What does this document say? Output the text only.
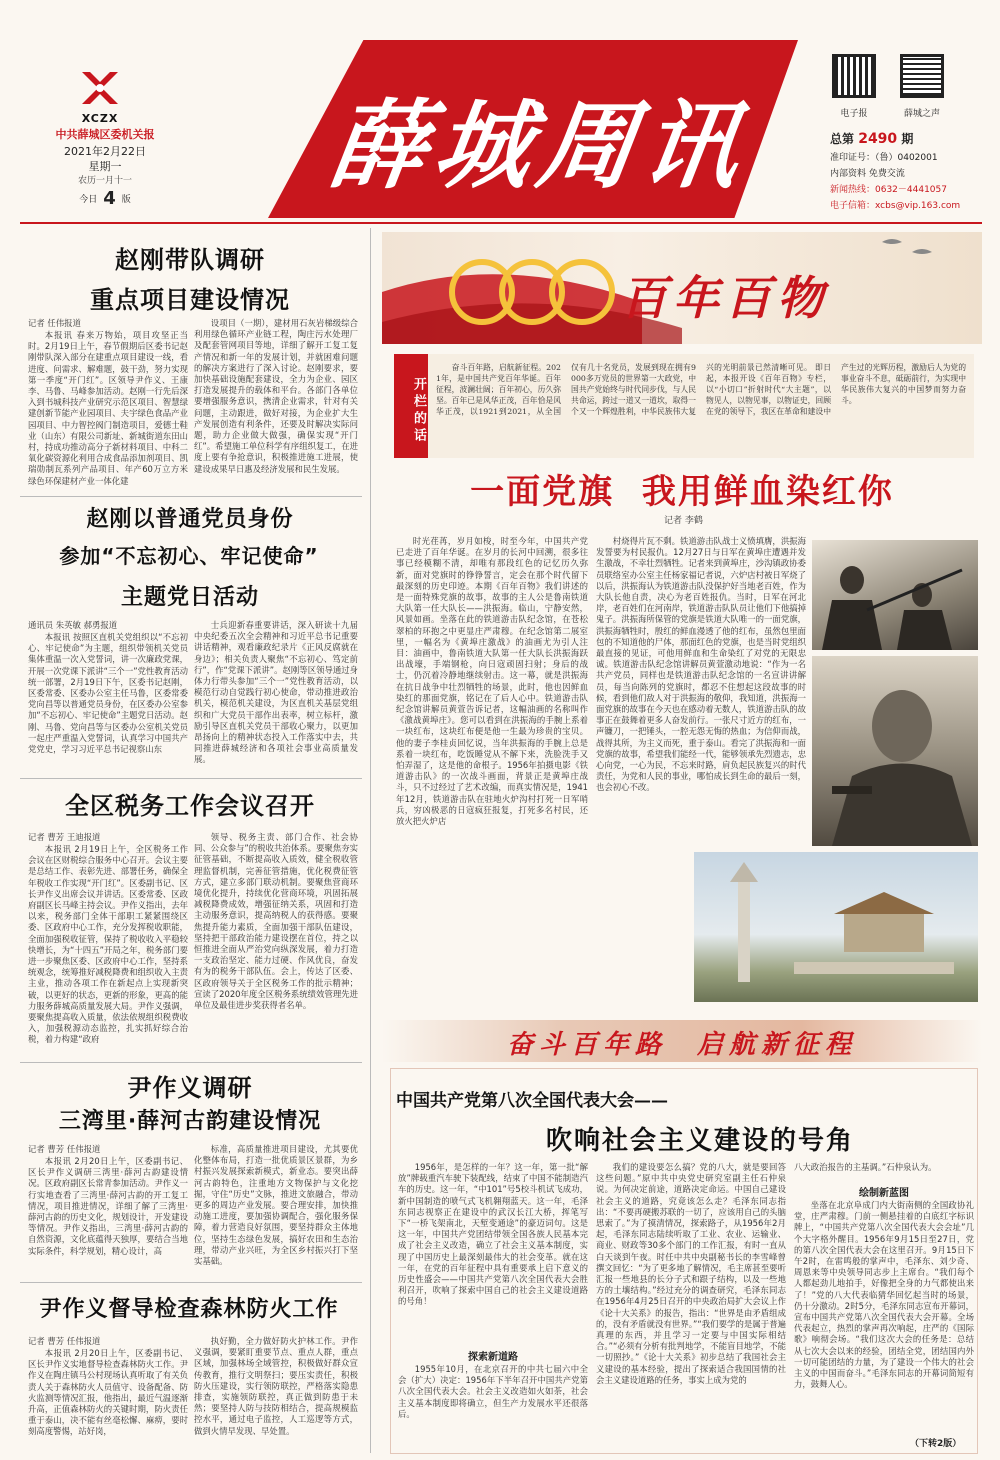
XCZX
中共薛城区委机关报
2021年2月22日
星期一
农历一月十一
今日 4 版 薛城周讯	电子报	薛城之声
总第 2490 期
准印证号：（鲁）0402001
内部资料 免费交流
新闻热线：0632－4441057
电子信箱：xcbs@vip.163.com
赵刚带队调研
重点项目建设情况
记者 任伟报道

本报讯 春来万物始，项目攻坚正当时。2月19日上午，春节假期后区委书记赵刚带队深入部分在建重点项目建设一线，看进度、问需求、解难题，鼓干劲，努力实现第一季度“开门红”。区领导尹作义、王康李、马鲁、马峰参加活动。赵刚一行先后深入到书城科技产业研究示范区项目、智慧绿建创新节能产业园项目、夫宇绿色食品产业园项目、中力智控阀门制造项目，爱德士鞋业（山东）有限公司新址、新城街道东田山村，持成功推动高分子新材料项目、中科二氧化碳资源化利用合成食品添加剂项目、凯瑞勋制瓦系列产品项目、年产60万立方米绿色环保建材产业一体化建

设项目（一期），建材用石灰岩梯级综合利用绿色循环产业链工程，陶庄污水处理厂及配套管网项目等地，详细了解开工复工复产情况和新一年的发展计划，并就困难问题的解决方案进行了深入讨论。赵刚要求，要加快基础设施配套建设，全力为企业、园区打造发展提升的载体和平台。各部门各单位要增强服务意识，携清企业需求，针对有关问题，主动跟进，做好对接，为企业扩大生产发展创造有利条件，还要及时解决实际问题，助力企业做大做强，确保实现“开门红”。希望施工单位科学有序组织复工，在进度上要有争抢意识，积极推进施工进展，使建设成果早日惠及经济发展和民生发展。

赵刚以普通党员身份
参加“不忘初心、牢记使命”
主题党日活动
通讯员 朱英敏 郝勇报道

本报讯 按照区直机关党组织以“不忘初心、牢记使命”为主题，组织带领机关党员集体重温一次入党誓词，讲一次廉政党课，开展一次党课下派讲“三个一”党性教育活动统一部署，2月19日下午，区委书记赵刚，区委常委、区委办公室主任马鲁，区委常委党向昌等以普通党员身份，在区委办公室参加“不忘初心、牢记使命”主题党日活动。赵刚、马鲁、党向昌等与区委办公室机关党员一起庄严重温入党誓词，认真学习中国共产党党史，学习习近平总书记视察山东

士兵迎新春重要讲话，深入研读十九届中央纪委五次全会精神和习近平总书记重要讲话精神，观看廉政纪录片《正风反腐就在身边》；相关负责人聚焦“不忘初心、笃定前行”，作“党课下派讲”。赵刚等区领导通过身体力行带头参加“三个一”党性教育活动，以模范行动自觉践行初心使命，带动推进政治机关，模范机关建设，为区直机关基层党组织和广大党员干部作出表率，树立标杆，激励引导区直机关党员干部收心聚力，以更加昂扬向上的精神状态投入工作落实中去，共同推进薛城经济和各项社会事业高质量发展。

全区税务工作会议召开
记者 曹芳 王迪报道

本报讯 2月19日上午，全区税务工作会议在区财税综合服务中心召开。会议主要是总结工作、表彰先进、部署任务，确保全年税收工作实现“开门红”。区委副书记、区长尹作义出席会议并讲话。区委常委、区政府副区长马峰主持会议。尹作义指出，去年以来，税务部门全体干部职工紧紧围绕区委、区政府中心工作，充分发挥税收职能，全面加强税收征管，保持了税收收入平稳较快增长，为“十四五”开局之年，税务部门要进一步聚焦区委、区政府中心工作，坚持系统观念，统筹推好减税降费和组织收入主责主业，推动各项工作在新起点上实现新突破，以更好的状态，更新的形象，更高的能力服务薛城高质量发展大局。尹作义强调，要聚焦提高收入质量，依法依规组织税费收入，加强税源动态监控，扎实抓好综合治税，着力构建“政府

领导、税务主责、部门合作、社会协同、公众参与”的税收共治体系。要聚焦夯实征管基础，不断提高收入质效，健全税收管理监督机制，完善征管措施，优化税费征管方式，建立多部门联动机制。要聚焦营商环境优化提升，持续优化营商环境，巩固拓展减税降费成效，增强征纳关系，巩固和打造主动服务意识，提高纳税人的获得感。要聚焦提升能力素质，全面加强干部队伍建设，坚持把干部政治能力建设摆在首位，持之以恒推进全面从严治党向纵深发展，着力打造一支政治坚定、能力过硬、作风优良，奋发有为的税务干部队伍。会上，传达了区委、区政府领导关于全区税务工作的批示精神；宣读了2020年度全区税务系统绩效管理先进单位及最佳进步奖获得者名单。

尹作义调研
三湾里·薛河古韵建设情况
记者 曹芳 任伟报道

本报讯 2月20日上午，区委副书记、区长尹作义调研三湾里·薛河古韵建设情况。区政府副区长常青参加活动。尹作义一行实地查看了三湾里·薛河古韵的开工复工情况，项目推进情况，详细了解了三湾里·薛河古韵的历史文化，规划设计，开发建设等情况。尹作义指出，三湾里·薛河古韵的自然资源，文化底蕴得天独厚，要结合当地实际条件，科学规划，精心设计，高

标准，高质量推进项目建设，尤其要优化整体布局，打造一批优质景区景群，为乡村振兴发展探索新模式，新业态。要突出薛河古韵特色，注重地方文物保护与文化挖掘，守住“历史”文脉，推进文旅融合，带动更多的周边产业发展。要合理安排，加快推动施工进度，要加强协调配合，强化服务保障，着力营造良好氛围，要坚持群众主体地位，坚持生态绿色发展，搞好农田和生态治理，带动产业兴旺，为全区乡村振兴打下坚实基础。

尹作义督导检查森林防火工作
记者 曹芳 任伟报道

本报讯 2月20日上午，区委副书记、区长尹作义实地督导检查森林防火工作。尹作义在陶庄镇马公村现场认真听取了有关负责人关于森林防火人员值守、设备配备、防火监测等情况汇报，他指出，最近气温逐渐升高，正值森林防火的关键时期，防火责任重于泰山，决不能有丝毫松懈、麻痹，要时刻高度警惕，站好岗，

执好勤，全力做好防火护林工作。尹作义强调，要紧盯重要节点、重点人群，重点区域，加强林场全域管控，积极做好群众宣传教育，推行文明祭扫；要压实责任，积极防火压建设，实行领防联控，严格落实隐患排查，实施领防联控，真正做到防患于未然；要坚持人防与技防相结合，提高规模监控水平，通过电子监控，人工巡逻等方式，做到火情早发现、早处置。

百年百物
开栏的话

奋斗百年路，启航新征程。2021年，是中国共产党百年华诞。百年征程，波澜壮阔；百年初心，历久弥坚。百年已是风华正茂，百年恰是风华正茂，以1921到2021，从全国仅有几十名党员，发展到现在拥有9000多万党员的世界第一大政党，中国共产党始终与时代同步伐，与人民共命运，跨过一道又一道坎，取得一个又一个辉煌胜利，中华民族伟大复兴的光明前景已然清晰可见。 即日起，本报开设《百年百物》专栏，以“小切口”折射时代“大主题”，以物见人，以物见事，以物证史，回顾在党的领导下，我区在革命和建设中产生过的光辉历程，激励后人为党的事业奋斗不息，砥砺前行，为实现中华民族伟大复兴的中国梦而努力奋斗。

一面党旗  我用鲜血染红你
记者 李鹤

时光荏苒，岁月如梭，时至今年，中国共产党已走进了百年华诞。在岁月的长河中回溯，很多往事已经模糊不清，却唯有那段红色的记忆历久弥新，面对党旗时的铮铮誓言，定会在那个时代留下最深刻的历史印迹。本期《百年百物》我们讲述的是一面特殊党旗的故事，故事的主人公是鲁南铁道大队第一任大队长——洪振海。临山，宁静安然，风景如画。坐落在此的铁道游击队纪念馆，在苍松翠柏的环抱之中更显庄严肃穆。在纪念馆第二展室里，一幅名为《黄埠庄激战》的油画尤为引人注目：油画中，鲁南铁道大队第一任大队长洪振海跃出战壕，手端钢枪，向日寇顽固扫射；身后的战士，仍沉着冷静地继续射击。这一幕，就是洪振海在抗日战争中壮烈牺牲的场景，此时，他也因鲜血染红的那面党旗，铭记在了后人心中。铁道游击队纪念馆讲解员黄萱告诉记者，这幅油画的名称叫作《激战黄埠庄》。您可以看到在洪振海的手腕上系着一块红布，这块红布便是他一生最为珍贵的宝贝。他的妻子李桂贞回忆说，当年洪振海的手腕上总是系着一块红布，吃饭睡觉从不解下来，洗脸洗手又怕弄湿了，这是他的命根子。1956年拍摄电影《铁道游击队》的一次战斗画面，背景正是黄埠庄战斗，只不过经过了艺术改编，而真实情况是，1941年12月，铁道游击队在驻地火炉沟村打死一日军哨兵，穷凶极恶的日寇疯狂报复，打死多名村民，还放火把火炉店

村烧得片瓦不剩。铁道游击队战士义愤填膺，洪振海发誓要为村民报仇。12月27日与日军在黄埠庄遭遇并发生激战，不幸壮烈牺牲。记者来到黄埠庄，沙沟镇政协委员联络室办公室主任杨家福记者说，六炉店村被日军烧了以后，洪振海认为铁道游击队没保护好当地老百姓，作为大队长他自责，决心为老百姓报仇。当时，日军在河北岸，老百姓们在河南岸，铁道游击队队员让他们下他搞掉鬼子。洪振海所保管的党旗是铁道大队唯一的一面党旗，洪振海牺牲时，殷红的鲜血漫透了他的红布，虽然包里面包的不知道他的尸体，那面红色的党旗，也是当时党组织最直接的见证，可他用鲜血和生命染红了对党的无限忠诚。铁道游击队纪念馆讲解员黄萱激动地说：“作为一名共产党员，同样也是铁道游击队纪念馆的一名宣讲讲解员，每当向陈列的党旗时，都忍不住想起这段故事的时候，看到他们敌人对于洪振海的敬仰，我知道，洪振海一面党旗的故事在今天也在感动着无数人，铁道游击队的故事正在鼓舞着更多人奋发前行。一张尺寸近方的红布，一声镰刀，一把锤头，一腔无怨无悔的热血；为信仰而战，战得其所，为主义而死，重于泰山。看完了洪振海和一面党旗的故事，希望我们能经一代，能够领承先烈遗志，忠心向党，一心为民，不忘来时路，肩负起民族复兴的时代责任，为党和人民的事业，哪怕成长到生命的最后一刻，也会初心不改。

奋斗百年路  启航新征程
中国共产党第八次全国代表大会——
吹响社会主义建设的号角

1956年，是怎样的一年？这一年，第一批“解放”牌载重汽车驶下装配线，结束了中国不能制造汽车的历史。这一年，“中101”号5校斗机试飞成功，新中国制造的喷气式飞机翱翔蓝天。这一年，毛泽东同志视察正在建设中的武汉长江大桥，挥笔写下“一桥飞架南北，天堑变通途”的豪迈词句。这是这一年，中国共产党团结带领全国各族人民基本完成了社会主义改造，确立了社会主义基本制度，实现了中国历史上最深刻最伟大的社会变革。就在这一年，在党的百年征程中具有重要承上启下意义的历史性盛会——中国共产党第八次全国代表大会胜利召开，吹响了探索中国自己的社会主义建设道路的号角！

探索新道路

1955年10月，在北京召开的中共七届六中全会（扩大）决定：1956年下半年召开中国共产党第八次全国代表大会。社会主义改造如火如荼，社会主义基本制度即将确立，但生产力发展水平还很落后。

我们的建设要怎么搞？党的八大，就是要回答这些问题。”原中共中央党史研究室副主任石仲泉说。为何决定前途，道路决定命运。中国自己建设社会主义的道路，究竟该怎么走？毛泽东同志指出：“不要再硬搬苏联的一切了，应该用自己的头脑思索了。”为了摸清情况，探索路子，从1956年2月起，毛泽东同志陆续听取了工业、农业、运输业、商业、财政等30多个部门的工作汇报，有时一直从白天谈到午夜。时任中共中央副秘书长的李雪峰曾撰文回忆：“为了更多地了解情况，毛主席甚至要听汇报一些地县的长分子式和跟子结构，以及一些地方的土壤结构。”经过充分的调查研究，毛泽东同志在1956年4月25日召开的中央政治局扩大会议上作《论十大关系》的报告，指出：“世界是由矛盾组成的，没有矛盾就没有世界。”“我们要学的是属于普遍真理的东西，并且学习一定要与中国实际相结合。”“必须有分析有批判地学，不能盲目地学，不能一切照抄。”《论十大关系》初步总结了我国社会主义建设的基本经验，提出了探索适合我国国情的社会主义建设道路的任务，事实上成为党的

八大政治报告的主基调。”石仲泉认为。

绘制新蓝图

坐落在北京阜成门内大街南侧的全国政协礼堂，庄严肃穆。门前一侧悬挂着的白底红字标识牌上，“中国共产党第八次全国代表大会会址”几个大字格外醒目。1956年9月15日至27日，党的第八次全国代表大会在这里召开。9月15日下午2时，在雷鸣般的掌声中，毛泽东、刘少奇、周恩来等中央领导同志步上主席台。“我们每个人都起劲儿地拍手，好像把全身的力气都使出来了！”党的八大代表临猜华回忆起当时的场景，仍十分激动。2时5分，毛泽东同志宣布开幕词，宣布中国共产党第八次全国代表大会开幕。全场代表起立，热烈的掌声再次响起，庄严的《国际歌》响彻会场。“我们这次大会的任务是：总结从七次大会以来的经验，团结全党，团结国内外一切可能团结的力量，为了建设一个伟大的社会主义的中国而奋斗。”毛泽东同志的开幕词简短有力，鼓舞人心。

（下转2版）
